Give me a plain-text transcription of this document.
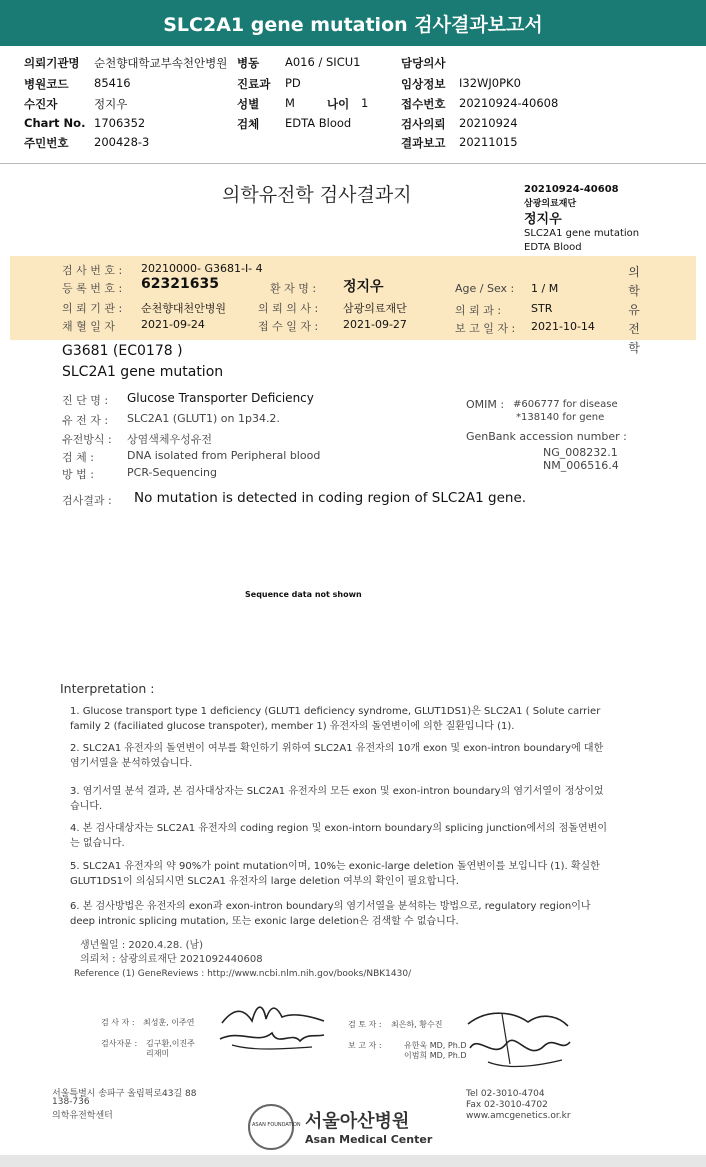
SLC2A1 gene mutation 검사결과보고서
의뢰기관명 순천향대학교부속천안병원 병동 A016 / SICU1	담당의사
병원코드 85416	진료과 PD	임상정보 I32WJ0PK0
수진자	정지우	성별 M	나이 1	접수번호 20210924-40608
Chart No. 1706352	검체 EDTA Blood	검사의뢰 20210924
주민번호 200428-3	결과보고 20211015
의학유전학 검사결과지	20210924-40608
삼광의료재단
정지우
SLC2A1 gene mutation
EDTA Blood
검 사 번 호 : 20210000- G3681-I- 4
등 록 번 호 : 62321635	환 자 명 : 정지우	Age / Sex : 1 / M
의 뢰 기 관 : 순천향대천안병원	의 뢰 의 사 : 삼광의료재단	의 뢰 과 :	STR
채 혈 일 자 2021-09-24	접 수 일 자 : 2021-09-27	보 고 일 자 : 2021-10-14
의
학
유
전
학
G3681 (EC0178 )
SLC2A1 gene mutation
진 단 명 : Glucose Transporter Deficiency
유 전 자 : SLC2A1 (GLUT1) on 1p34.2.
유전방식 : 상염색체우성유전
검 체 :	DNA isolated from Peripheral blood
방 법 :	PCR-Sequencing
OMIM : #606777 for disease
*138140 for gene
GenBank accession number :
NG_008232.1
NM_006516.4
검사결과 : No mutation is detected in coding region of SLC2A1 gene.
Sequence data not shown
Interpretation :
1. Glucose transport type 1 deficiency (GLUT1 deficiency syndrome, GLUT1DS1)은 SLC2A1 ( Solute carrier family 2 (faciliated glucose transpoter), member 1) 유전자의 돌연변이에 의한 질환입니다 (1).
2. SLC2A1 유전자의 돌연변이 여부를 확인하기 위하여 SLC2A1 유전자의 10개 exon 및 exon-intron boundary에 대한 염기서열을 분석하였습니다.
3. 염기서열 분석 결과, 본 검사대상자는 SLC2A1 유전자의 모든 exon 및 exon-intron boundary의 염기서열이 정상이었습니다.
4. 본 검사대상자는 SLC2A1 유전자의 coding region 및 exon-intorn boundary의 splicing junction에서의 점돌연변이는 없습니다.
5. SLC2A1 유전자의 약 90%가 point mutation이며, 10%는 exonic-large deletion 돌연변이를 보입니다 (1). 확실한 GLUT1DS1이 의심되시면 SLC2A1 유전자의 large deletion 여부의 확인이 필요합니다.
6. 본 검사방법은 유전자의 exon과 exon-intron boundary의 염기서열을 분석하는 방법으로, regulatory region이나 deep intronic splicing mutation, 또는 exonic large deletion은 검색할 수 없습니다.
생년월일 : 2020.4.28. (남)
의뢰처 : 삼광의료재단 2021092440608
Reference (1) GeneReviews : http://www.ncbi.nlm.nih.gov/books/NBK1430/
검 사 자 : 최성훈, 이주연
검사자문 : 김구환,이진주
리재미
검 토 자 : 최은하, 황수진
보 고 자 :	유한욱 MD, Ph.D
이범희 MD, Ph.D
서울특별시 송파구 올림픽로43길 88
138-736
의학유전학센터
ASAN FOUNDATION 서울아산병원
Asan Medical Center
Tel 02-3010-4704
Fax 02-3010-4702
www.amcgenetics.or.kr
